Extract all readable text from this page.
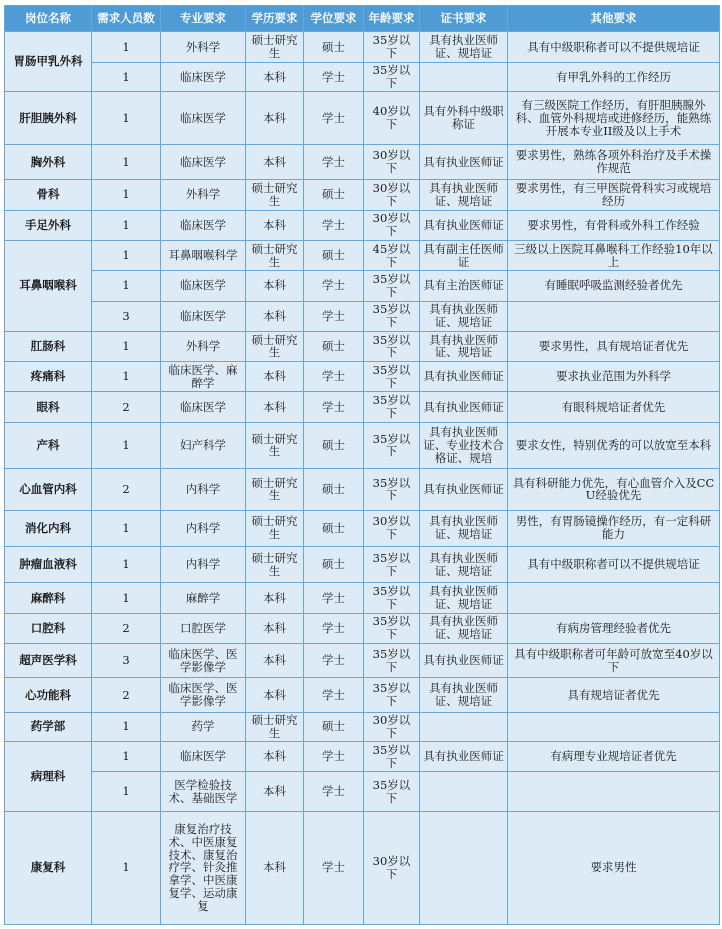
岗位名称	需求人员数	专业要求	学历要求	学位要求	年龄要求	证书要求	其他要求
胃肠甲乳外科	1	外科学	硕士研究生	硕士	35岁以下	具有执业医师证、规培证	具有中级职称者可以不提供规培证
	1	临床医学	本科	学士	35岁以下		有甲乳外科的工作经历
肝胆胰外科	1	临床医学	本科	学士	40岁以下	具有外科中级职称证	有三级医院工作经历，有肝胆胰腺外科、血管外科规培或进修经历，能熟练开展本专业II级及以上手术
胸外科	1	临床医学	本科	学士	30岁以下	具有执业医师证	要求男性，熟练各项外科治疗及手术操作规范
骨科	1	外科学	硕士研究生	硕士	30岁以下	具有执业医师证、规培证	要求男性，有三甲医院骨科实习或规培经历
手足外科	1	临床医学	本科	学士	30岁以下	具有执业医师证	要求男性，有骨科或外科工作经验
耳鼻咽喉科	1	耳鼻咽喉科学	硕士研究生	硕士	45岁以下	具有副主任医师证	三级以上医院耳鼻喉科工作经验10年以上
	1	临床医学	本科	学士	35岁以下	具有主治医师证	有睡眠呼吸监测经验者优先
	3	临床医学	本科	学士	35岁以下	具有执业医师证、规培证	
肛肠科	1	外科学	硕士研究生	硕士	35岁以下	具有执业医师证、规培证	要求男性，具有规培证者优先
疼痛科	1	临床医学、麻醉学	本科	学士	35岁以下	具有执业医师证	要求执业范围为外科学
眼科	2	临床医学	本科	学士	35岁以下	具有执业医师证	有眼科规培证者优先
产科	1	妇产科学	硕士研究生	硕士	35岁以下	具有执业医师证、专业技术合格证、规培	要求女性，特别优秀的可以放宽至本科
心血管内科	2	内科学	硕士研究生	硕士	35岁以下	具有执业医师证	具有科研能力优先，有心血管介入及CCU经验优先
消化内科	1	内科学	硕士研究生	硕士	30岁以下	具有执业医师证、规培证	男性，有胃肠镜操作经历，有一定科研能力
肿瘤血液科	1	内科学	硕士研究生	硕士	35岁以下	具有执业医师证、规培证	具有中级职称者可以不提供规培证
麻醉科	1	麻醉学	本科	学士	35岁以下	具有执业医师证、规培证	
口腔科	2	口腔医学	本科	学士	35岁以下	具有执业医师证、规培证	有病房管理经验者优先
超声医学科	3	临床医学、医学影像学	本科	学士	35岁以下	具有执业医师证	具有中级职称者可年龄可放宽至40岁以下
心功能科	2	临床医学、医学影像学	本科	学士	35岁以下	具有执业医师证、规培证	具有规培证者优先
药学部	1	药学	硕士研究生	硕士	30岁以下		
病理科	1	临床医学	本科	学士	35岁以下	具有执业医师证	有病理专业规培证者优先
	1	医学检验技术、基础医学	本科	学士	35岁以下		
康复科	1	康复治疗技术、中医康复技术、康复治疗学、针灸推拿学、中医康复学、运动康复	本科	学士	30岁以下		要求男性
